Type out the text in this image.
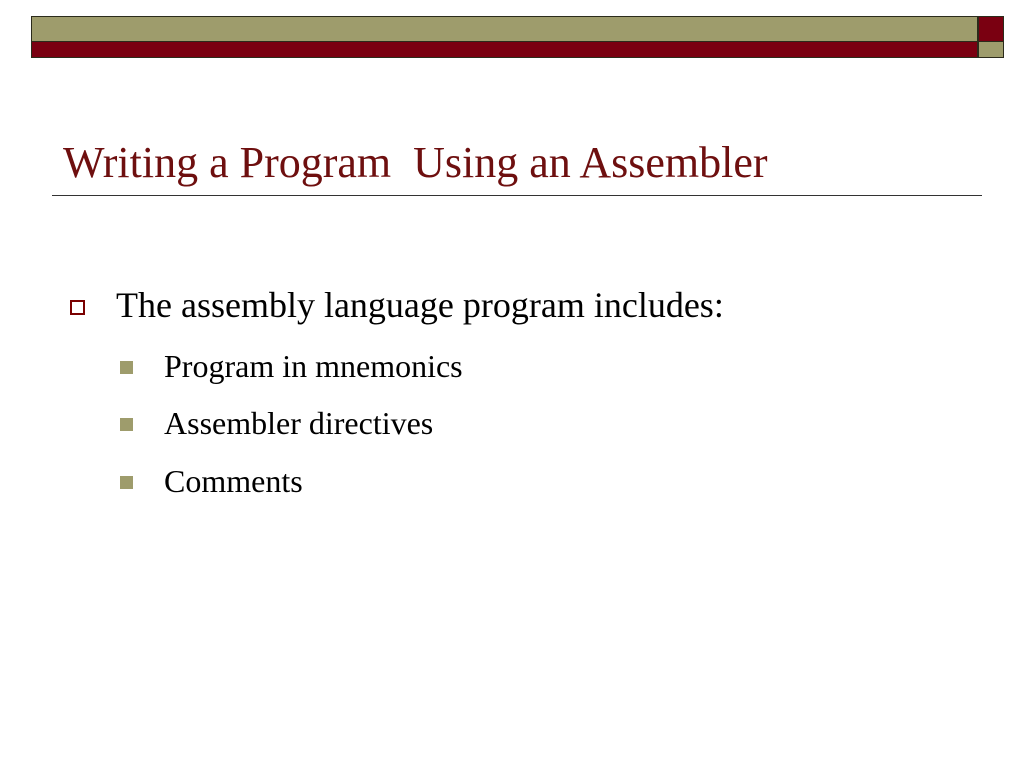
Writing a Program  Using an Assembler
The assembly language program includes:
Program in mnemonics
Assembler directives
Comments
